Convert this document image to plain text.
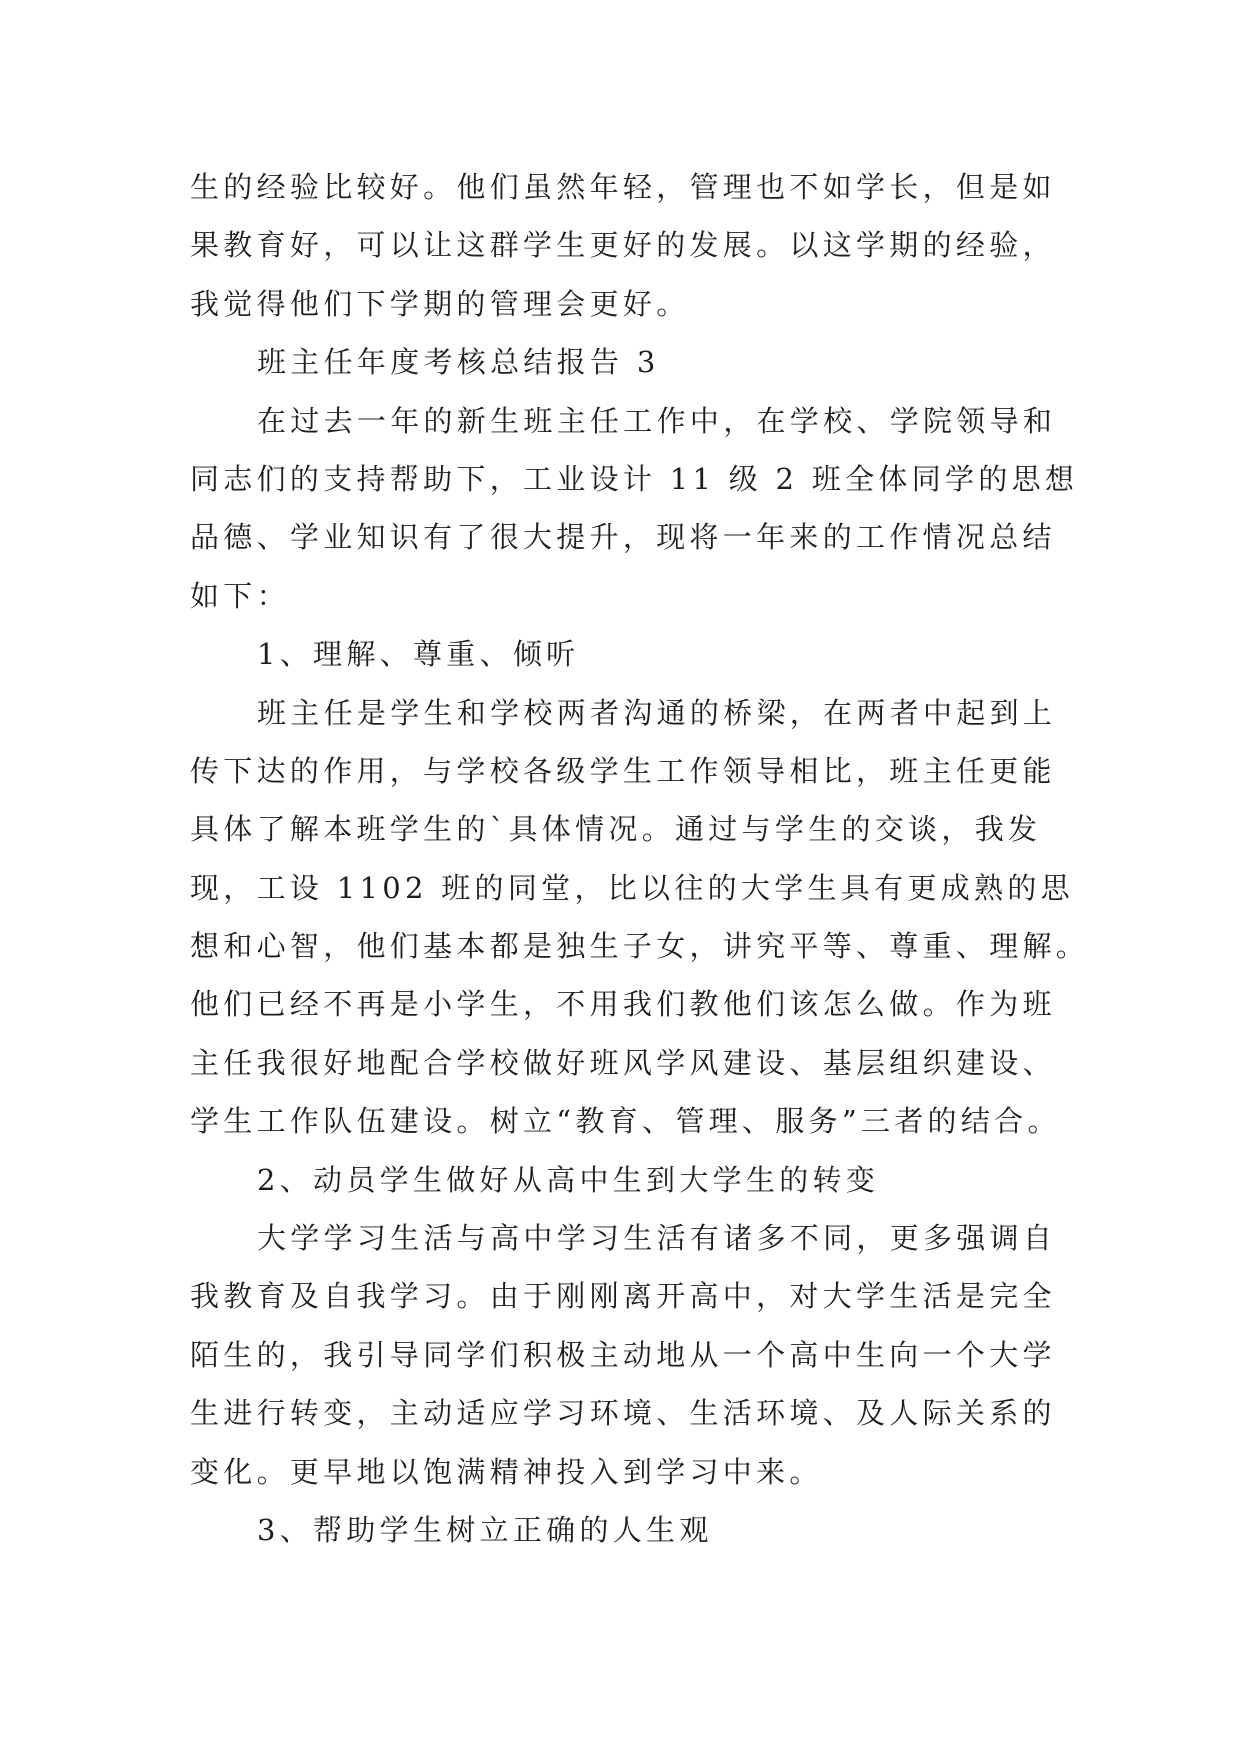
生的经验比较好。他们虽然年轻，管理也不如学长，但是如
果教育好，可以让这群学生更好的发展。以这学期的经验，
我觉得他们下学期的管理会更好。
班主任年度考核总结报告 3
在过去一年的新生班主任工作中，在学校、学院领导和
同志们的支持帮助下，工业设计 11 级 2 班全体同学的思想
品德、学业知识有了很大提升，现将一年来的工作情况总结
如下：
1、理解、尊重、倾听
班主任是学生和学校两者沟通的桥梁，在两者中起到上
传下达的作用，与学校各级学生工作领导相比，班主任更能
具体了解本班学生的`具体情况。通过与学生的交谈，我发
现，工设 1102 班的同堂，比以往的大学生具有更成熟的思
想和心智，他们基本都是独生子女，讲究平等、尊重、理解。
他们已经不再是小学生，不用我们教他们该怎么做。作为班
主任我很好地配合学校做好班风学风建设、基层组织建设、
学生工作队伍建设。树立“教育、管理、服务”三者的结合。
2、动员学生做好从高中生到大学生的转变
大学学习生活与高中学习生活有诸多不同，更多强调自
我教育及自我学习。由于刚刚离开高中，对大学生活是完全
陌生的，我引导同学们积极主动地从一个高中生向一个大学
生进行转变，主动适应学习环境、生活环境、及人际关系的
变化。更早地以饱满精神投入到学习中来。
3、帮助学生树立正确的人生观
